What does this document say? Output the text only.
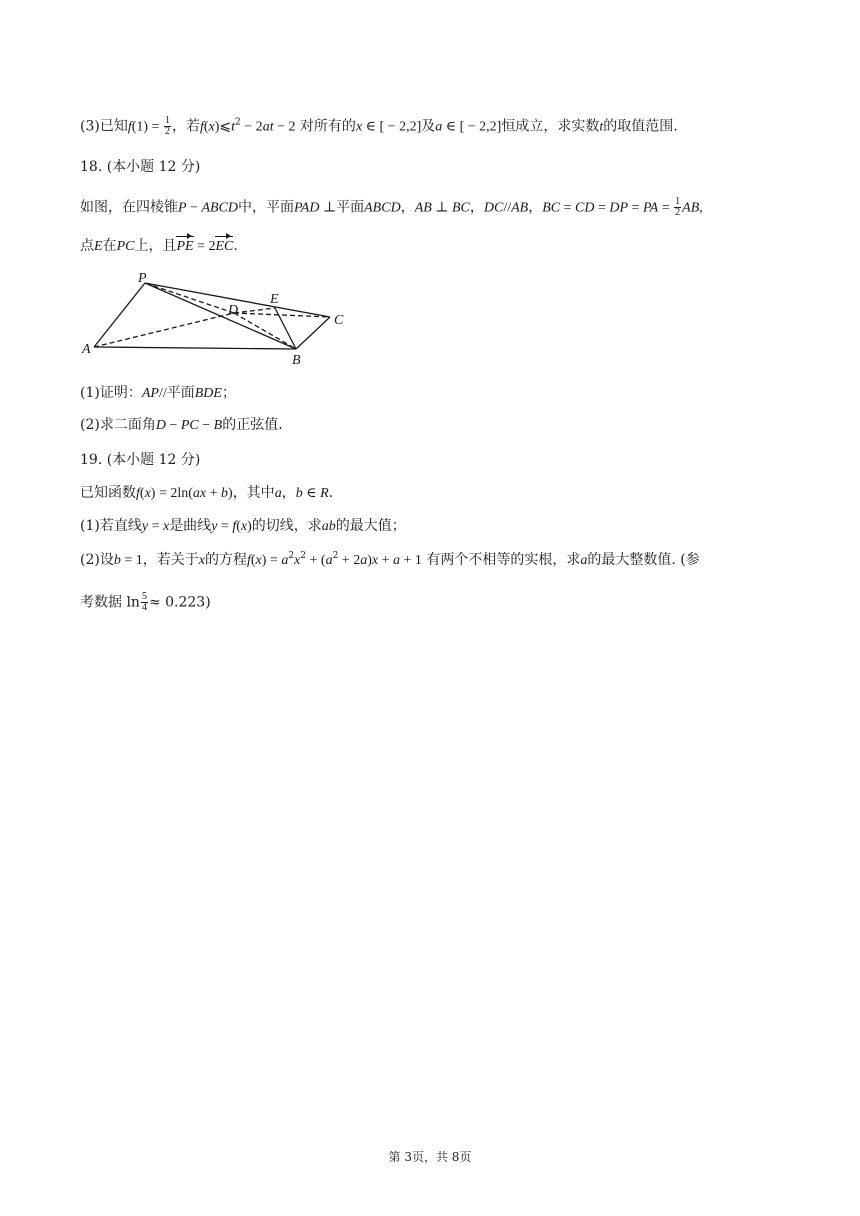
(3)已知$f(1) = \frac{1}{2}$ ，若$f(x)⩽t^2 - 2at - 2$ 对所有的x ∈ [ − 2,2]及a ∈ [ − 2,2]恒成立，求实数t的取值范围.
18. (本小题 12 分)
如图，在四棱锥P − ABCD中，平面PAD ⊥平面ABCD，AB ⊥ BC，DC//AB，BC = CD = DP = PA = $\frac{1}{2}$ AB,
点E在PC上，且PE = 2EC.
P
E
D
C
A
B
(1)证明：AP//平面BDE；
(2)求二面角D − PC − B的正弦值.
19. (本小题 12 分)
已知函数f(x) = 2ln(ax + b)，其中a，b ∈ R.
(1)若直线y = x是曲线y = f(x)的切线，求ab的最大值；
(2)设b = 1，若关于x的方程$f(x) = a^2x^2 + (a^2 + 2a)x + a + 1$ 有两个不相等的实根，求a的最大整数值. (参
考数据 $\ln \frac{5}{4} \approx 0.223$)
第 3页，共 8页
